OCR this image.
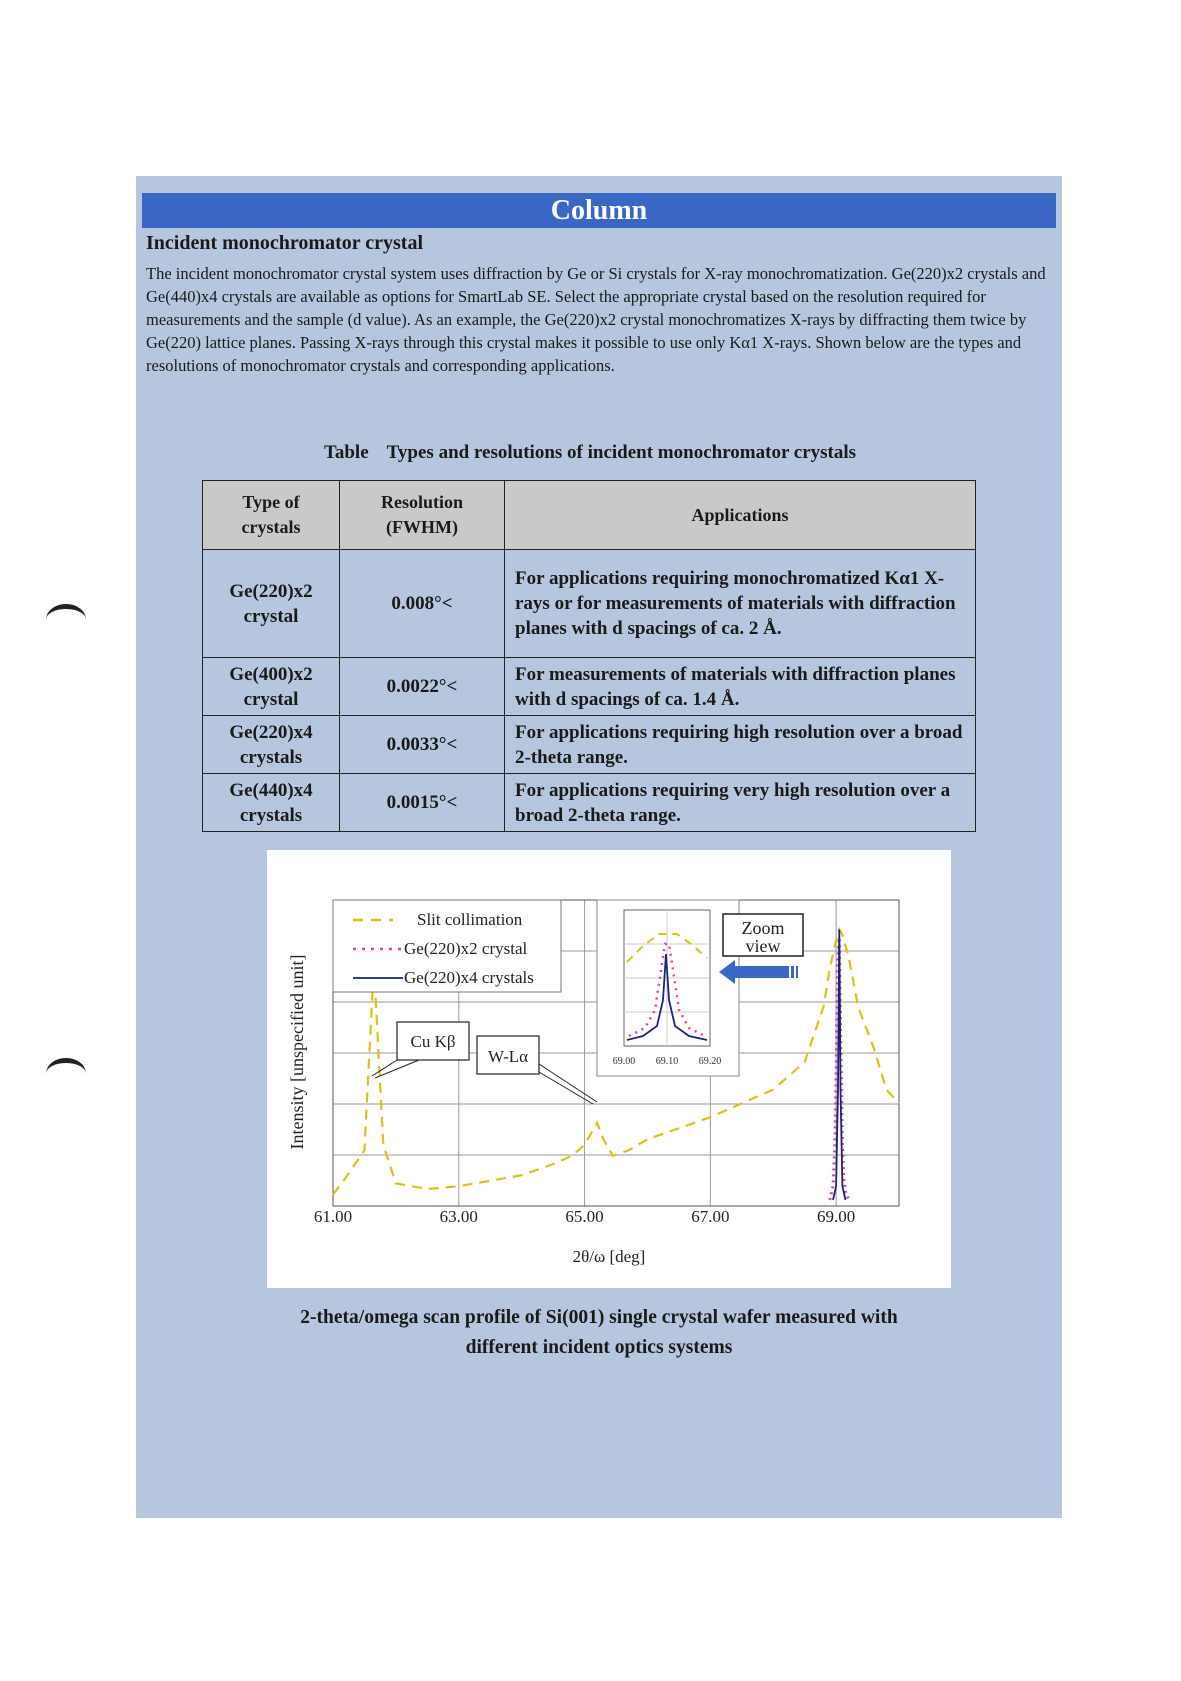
Column
Incident monochromator crystal
The incident monochromator crystal system uses diffraction by Ge or Si crystals for X-ray monochromatization. Ge(220)x2 crystals and Ge(440)x4 crystals are available as options for SmartLab SE. Select the appropriate crystal based on the resolution required for measurements and the sample (d value). As an example, the Ge(220)x2 crystal monochromatizes X-rays by diffracting them twice by Ge(220) lattice planes. Passing X-rays through this crystal makes it possible to use only Kα1 X-rays. Shown below are the types and resolutions of monochromator crystals and corresponding applications.
Table Types and resolutions of incident monochromator crystals
Type of crystals	Resolution (FWHM)	Applications
Ge(220)x2 crystal	0.008°<	For applications requiring monochromatized Kα1 X-rays or for measurements of materials with diffraction planes with d spacings of ca. 2 Å.
Ge(400)x2 crystal	0.0022°<	For measurements of materials with diffraction planes with d spacings of ca. 1.4 Å.
Ge(220)x4 crystals	0.0033°<	For applications requiring high resolution over a broad 2-theta range.
Ge(440)x4 crystals	0.0015°<	For applications requiring very high resolution over a broad 2-theta range.
Slit collimation
Ge(220)x2 crystal
Ge(220)x4 crystals
Cu Kβ
W-Lα	69.00 69.10 69.20
Zoom
view
61.00	63.00	65.00	67.00	69.00
2θ/ω [deg]
Intensity [unspecified unit]
2-theta/omega scan profile of Si(001) single crystal wafer measured with different incident optics systems
